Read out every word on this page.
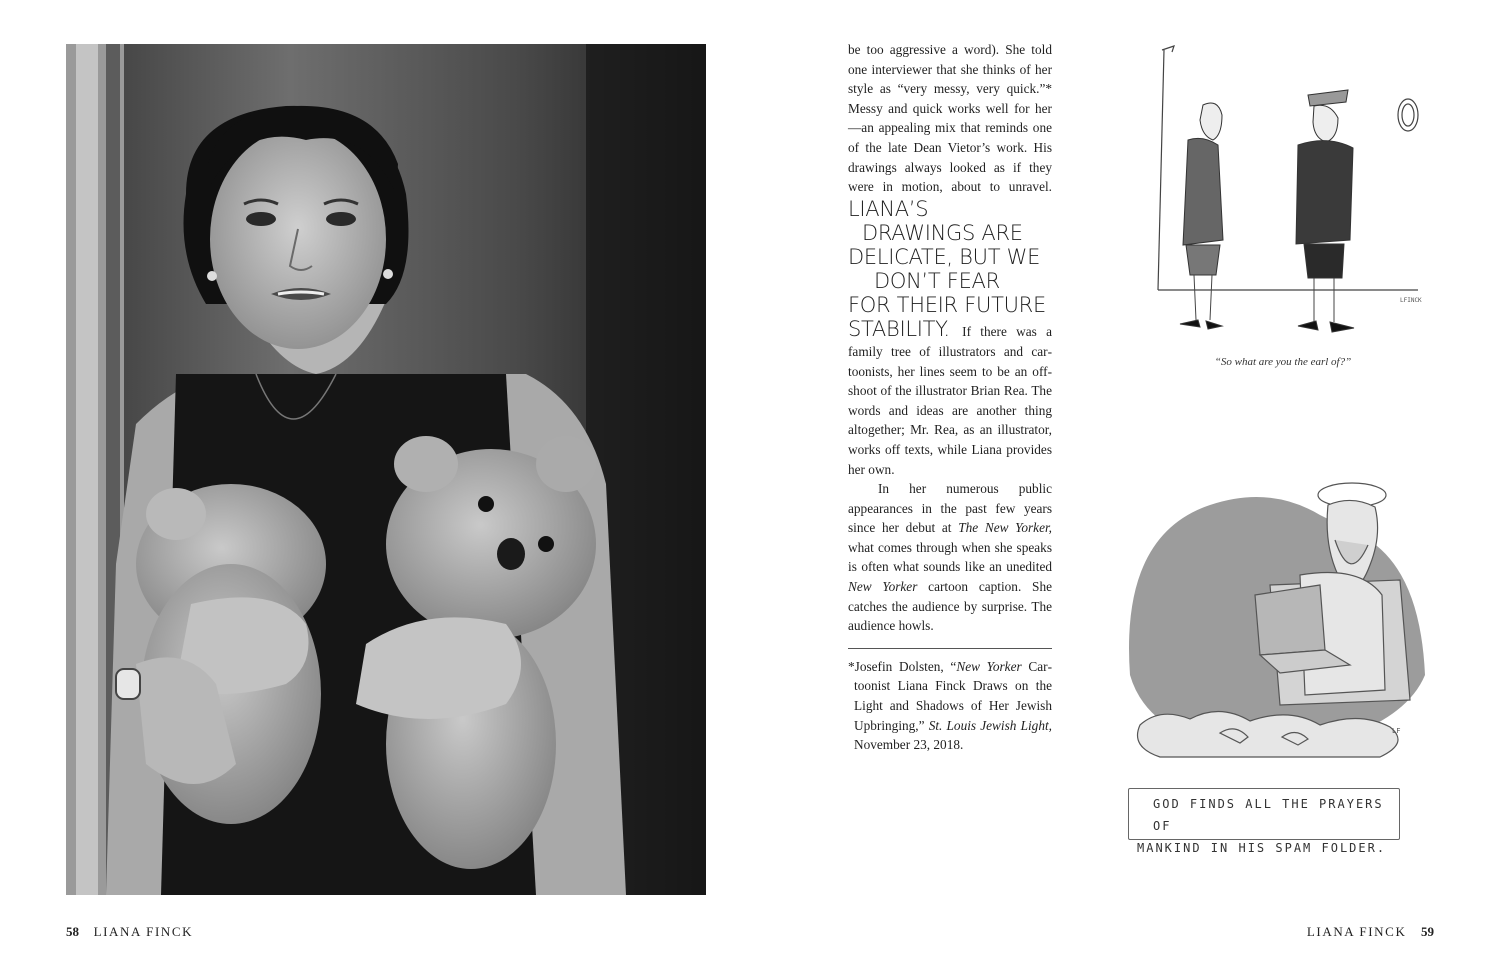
be too aggressive a word). She told one interviewer that she thinks of her style as “very messy, very quick.”* Messy and quick works well for her—an appealing mix that reminds one of the late Dean Vietor’s work. His drawings always looked as if they were in motion, about to unravel. LIANA’S
DRAWINGS ARE
DELICATE, BUT WE
DON’T FEAR
FOR THEIR FUTURE
STABILITY. If there was a family tree of illustrators and cartoonists, her lines seem to be an offshoot of the illustrator Brian Rea. The words and ideas are another thing altogether; Mr. Rea, as an illustrator, works off texts, while Liana provides her own.

In her numerous public appearances in the past few years since her debut at The New Yorker, what comes through when she speaks is often what sounds like an unedited New Yorker cartoon caption. She catches the audience by surprise. The audience howls.

*Josefin Dolsten, “New Yorker Cartoonist Liana Finck Draws on the Light and Shadows of Her Jewish Upbringing,” St. Louis Jewish Light, November 23, 2018.

LFINCK
“So what are you the earl of?”
LF
GOD FINDS ALL THE PRAYERS OF
MANKIND IN HIS SPAM FOLDER.
58 LIANA FINCK	LIANA FINCK 59
